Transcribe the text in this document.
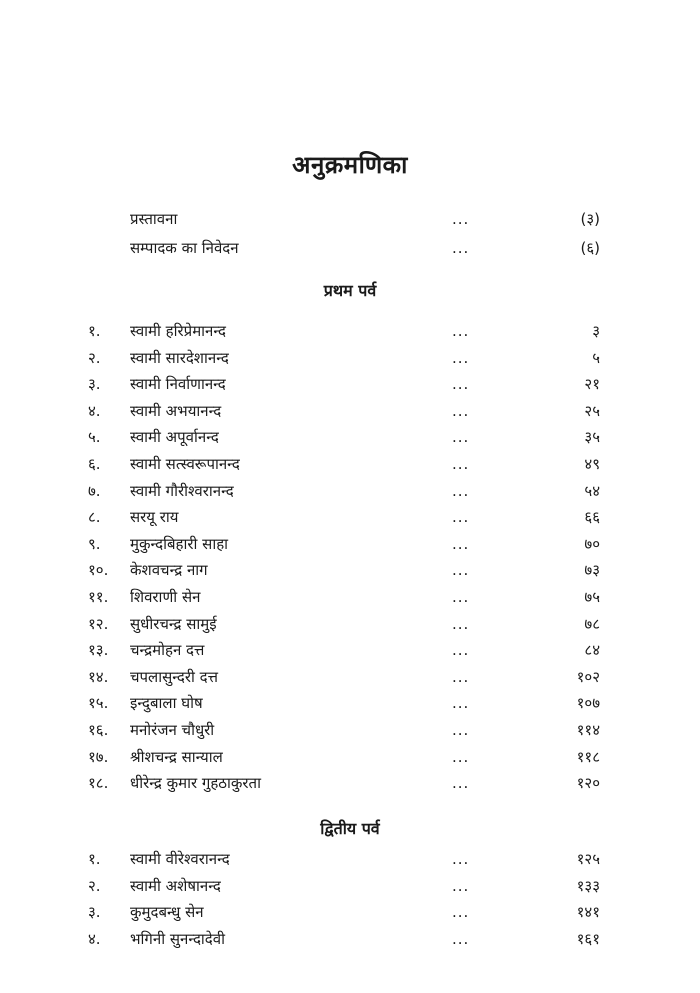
अनुक्रमणिका
प्रस्तावना	...	(३)
सम्पादक का निवेदन	...	(६)
प्रथम पर्व
१. स्वामी हरिप्रेमानन्द	...	३
२. स्वामी सारदेशानन्द	...	५
३. स्वामी निर्वाणानन्द	...	२१
४. स्वामी अभयानन्द	...	२५
५. स्वामी अपूर्वानन्द	...	३५
६. स्वामी सत्स्वरूपानन्द	...	४९
७. स्वामी गौरीश्वरानन्द	...	५४
८. सरयू राय	...	६६
९. मुकुन्दबिहारी साहा	...	७०
१०. केशवचन्द्र नाग	...	७३
११. शिवराणी सेन	...	७५
१२. सुधीरचन्द्र सामुई	...	७८
१३. चन्द्रमोहन दत्त	...	८४
१४. चपलासुन्दरी दत्त	...	१०२
१५. इन्दुबाला घोष	...	१०७
१६. मनोरंजन चौधुरी	...	११४
१७. श्रीशचन्द्र सान्याल	...	११८
१८. धीरेन्द्र कुमार गुहठाकुरता	...	१२०
द्वितीय पर्व
१. स्वामी वीरेश्वरानन्द	...	१२५
२. स्वामी अशेषानन्द	...	१३३
३. कुमुदबन्धु सेन	...	१४१
४. भगिनी सुनन्दादेवी	...	१६१
